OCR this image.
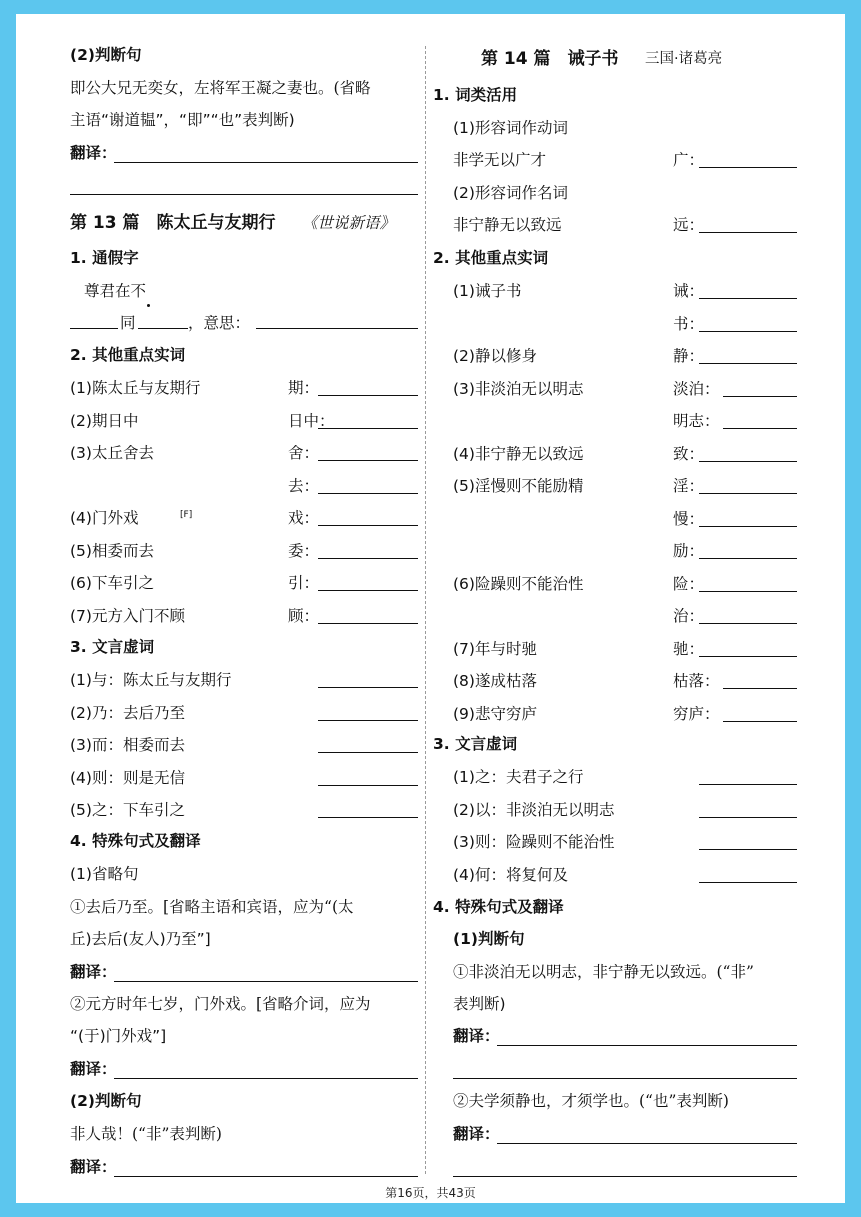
(2)判断句
即公大兄无奕女，左将军王凝之妻也。(省略
主语“谢道韫”，“即”“也”表判断)
翻译：
第 13 篇　陈太丘与友期行 《世说新语》
1. 通假字
尊君在不
同	，意思：
2. 其他重点实词
(1)陈太丘与友期行	期：
(2)期日中	日中：
(3)太丘舍去	舍：
去：
(4)门外戏	戏：
(5)相委而去	委：
(6)下车引之	引：
(7)元方入门不顾	顾：
[F]
3. 文言虚词
(1)与：陈太丘与友期行
(2)乃：去后乃至
(3)而：相委而去
(4)则：则是无信
(5)之：下车引之
4. 特殊句式及翻译
(1)省略句
①去后乃至。[省略主语和宾语，应为“(太
丘)去后(友人)乃至”]
翻译：
②元方时年七岁，门外戏。[省略介词，应为
“(于)门外戏”]
翻译：
(2)判断句
非人哉！(“非”表判断)
翻译：
第 14 篇　诫子书 三国·诸葛亮
1. 词类活用
(1)形容词作动词
非学无以广才	广：
(2)形容词作名词
非宁静无以致远	远：
2. 其他重点实词
(1)诫子书	诫：
书：
(2)静以修身	静：
(3)非淡泊无以明志	淡泊：
明志：
(4)非宁静无以致远	致：
(5)淫慢则不能励精	淫：
慢：
励：
(6)险躁则不能治性	险：
治：
(7)年与时驰	驰：
(8)遂成枯落	枯落：
(9)悲守穷庐	穷庐：
3. 文言虚词
(1)之：夫君子之行
(2)以：非淡泊无以明志
(3)则：险躁则不能治性
(4)何：将复何及
4. 特殊句式及翻译
(1)判断句
①非淡泊无以明志，非宁静无以致远。(“非”
表判断)
翻译：
②夫学须静也，才须学也。(“也”表判断)
翻译：
第16页，共43页
